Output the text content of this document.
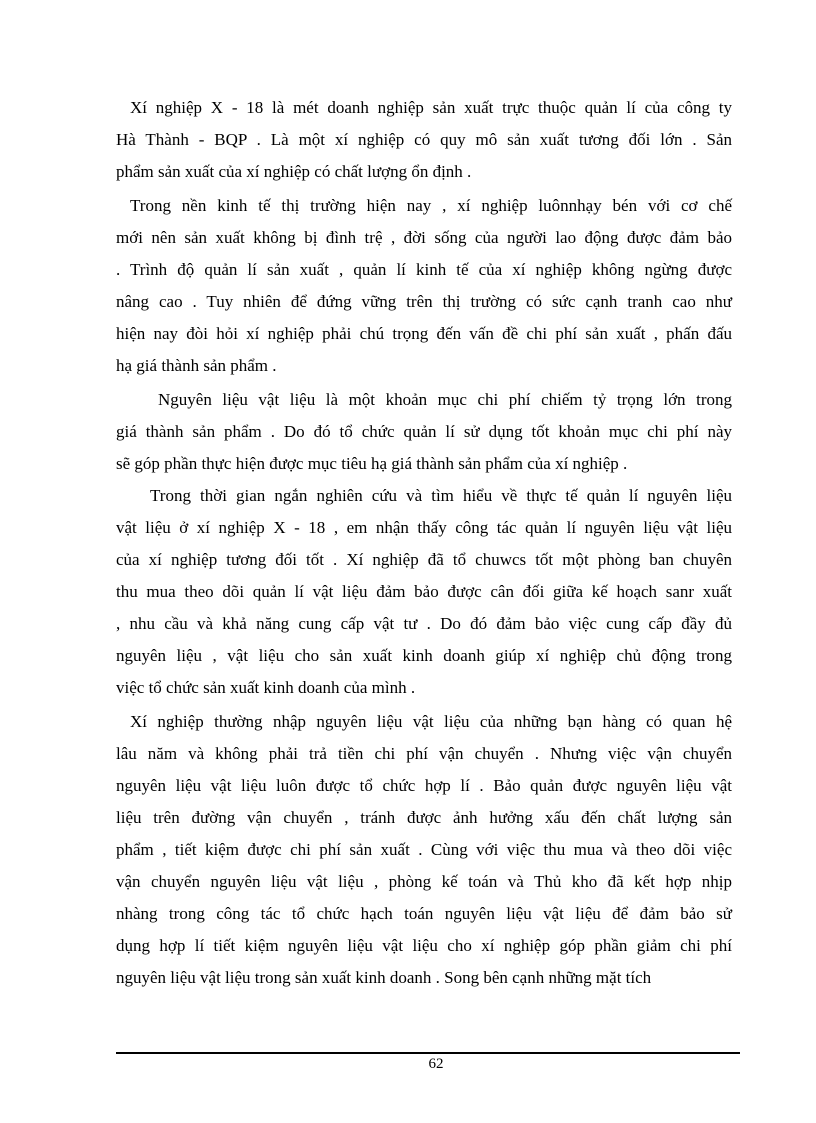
Xí nghiệp X - 18 là mét doanh nghiệp sản xuất trực thuộc quản lí của công ty
Hà Thành - BQP . Là một xí nghiệp có quy mô sản xuất tương đối lớn . Sản
phẩm sản xuất của xí nghiệp có chất lượng ổn định .
Trong nền kinh tế thị trường hiện nay , xí nghiệp luônnhạy bén với cơ chế
mới nên sản xuất không bị đình trệ , đời sống của người lao động được đảm bảo
. Trình độ quản lí sản xuất , quản lí kinh tế của xí nghiệp không ngừng được
nâng cao . Tuy nhiên để đứng vững trên thị trường có sức cạnh tranh cao như
hiện nay đòi hỏi xí nghiệp phải chú trọng đến vấn đề chi phí sản xuất , phấn đấu
hạ giá thành sản phẩm .
Nguyên liệu vật liệu là một khoản mục chi phí chiếm tỷ trọng lớn trong
giá thành sản phẩm . Do đó tổ chức quản lí sử dụng tốt khoản mục chi phí này
sẽ góp phần thực hiện được mục tiêu hạ giá thành sản phẩm của xí nghiệp .
Trong thời gian ngắn nghiên cứu và tìm hiểu về thực tế quản lí nguyên liệu
vật liệu ở xí nghiệp X - 18 , em nhận thấy công tác quản lí nguyên liệu vật liệu
của xí nghiệp tương đối tốt . Xí nghiệp đã tổ chuwcs tốt một phòng ban chuyên
thu mua theo dõi quản lí vật liệu đảm bảo được cân đối giữa kế hoạch sanr xuất
, nhu cầu và khả năng cung cấp vật tư . Do đó đảm bảo việc cung cấp đầy đủ
nguyên liệu , vật liệu cho sản xuất kinh doanh giúp xí nghiệp chủ động trong
việc tổ chức sản xuất kinh doanh của mình .
Xí nghiệp thường nhập nguyên liệu vật liệu của những bạn hàng có quan hệ
lâu năm và không phải trả tiền chi phí vận chuyển . Nhưng việc vận chuyển
nguyên liệu vật liệu luôn được tổ chức hợp lí . Bảo quản được nguyên liệu vật
liệu trên đường vận chuyển , tránh được ảnh hưởng xấu đến chất lượng sản
phẩm , tiết kiệm được chi phí sản xuất . Cùng với việc thu mua và theo dõi việc
vận chuyển nguyên liệu vật liệu , phòng kế toán và Thủ kho đã kết hợp nhịp
nhàng trong công tác tổ chức hạch toán nguyên liệu vật liệu để đảm bảo sử
dụng hợp lí tiết kiệm nguyên liệu vật liệu cho xí nghiệp góp phần giảm chi phí
nguyên liệu vật liệu trong sản xuất kinh doanh . Song bên cạnh những mặt tích
62
